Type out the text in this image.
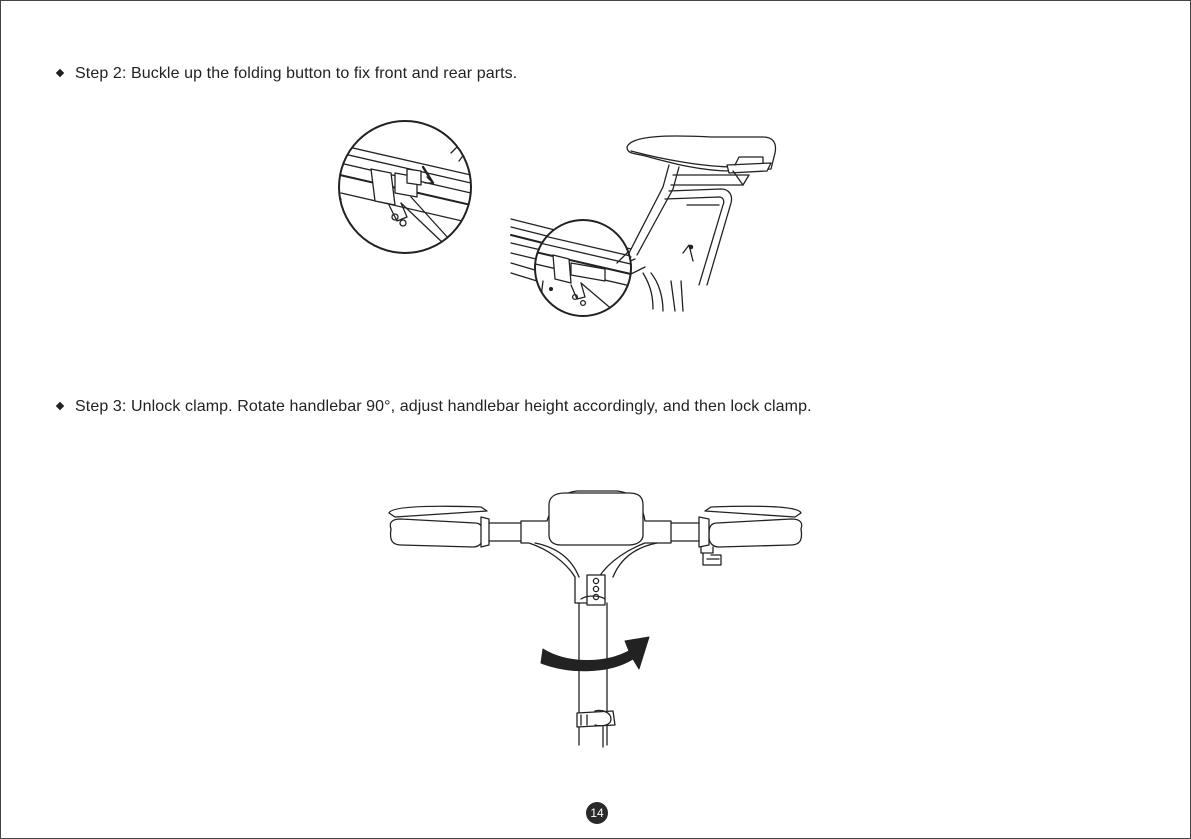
Step 2: Buckle up the folding button to fix front and rear parts.
Step 3: Unlock clamp. Rotate handlebar 90°, adjust handlebar height accordingly, and then lock clamp.
14
